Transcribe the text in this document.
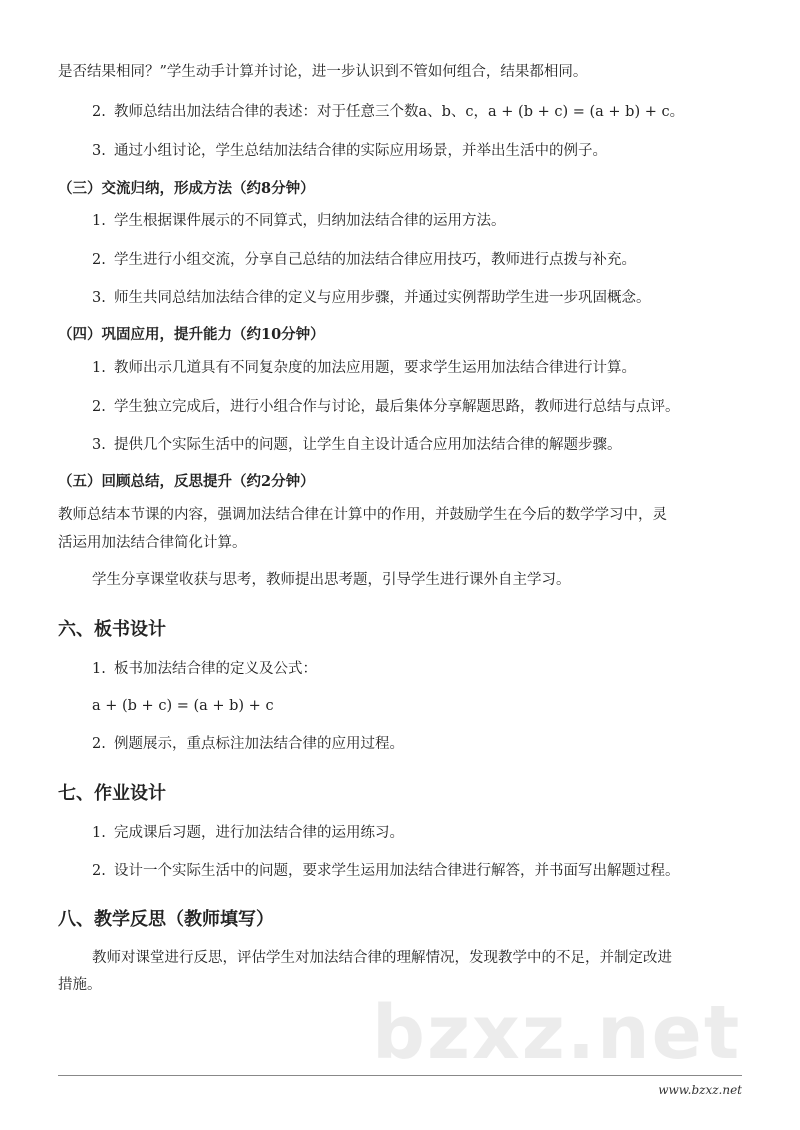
是否结果相同？”学生动手计算并讨论，进一步认识到不管如何组合，结果都相同。
2. 教师总结出加法结合律的表述：对于任意三个数a、b、c，a + (b + c) = (a + b) + c。
3. 通过小组讨论，学生总结加法结合律的实际应用场景，并举出生活中的例子。
（三）交流归纳，形成方法（约8分钟）
1. 学生根据课件展示的不同算式，归纳加法结合律的运用方法。
2. 学生进行小组交流，分享自己总结的加法结合律应用技巧，教师进行点拨与补充。
3. 师生共同总结加法结合律的定义与应用步骤，并通过实例帮助学生进一步巩固概念。
（四）巩固应用，提升能力（约10分钟）
1. 教师出示几道具有不同复杂度的加法应用题，要求学生运用加法结合律进行计算。
2. 学生独立完成后，进行小组合作与讨论，最后集体分享解题思路，教师进行总结与点评。
3. 提供几个实际生活中的问题，让学生自主设计适合应用加法结合律的解题步骤。
（五）回顾总结，反思提升（约2分钟）
教师总结本节课的内容，强调加法结合律在计算中的作用，并鼓励学生在今后的数学学习中，灵
活运用加法结合律简化计算。
学生分享课堂收获与思考，教师提出思考题，引导学生进行课外自主学习。
六、板书设计
1. 板书加法结合律的定义及公式：
a + (b + c) = (a + b) + c
2. 例题展示，重点标注加法结合律的应用过程。
七、作业设计
1. 完成课后习题，进行加法结合律的运用练习。
2. 设计一个实际生活中的问题，要求学生运用加法结合律进行解答，并书面写出解题过程。
八、教学反思（教师填写）
教师对课堂进行反思，评估学生对加法结合律的理解情况，发现教学中的不足，并制定改进
措施。
bzxz.net
www.bzxz.net
